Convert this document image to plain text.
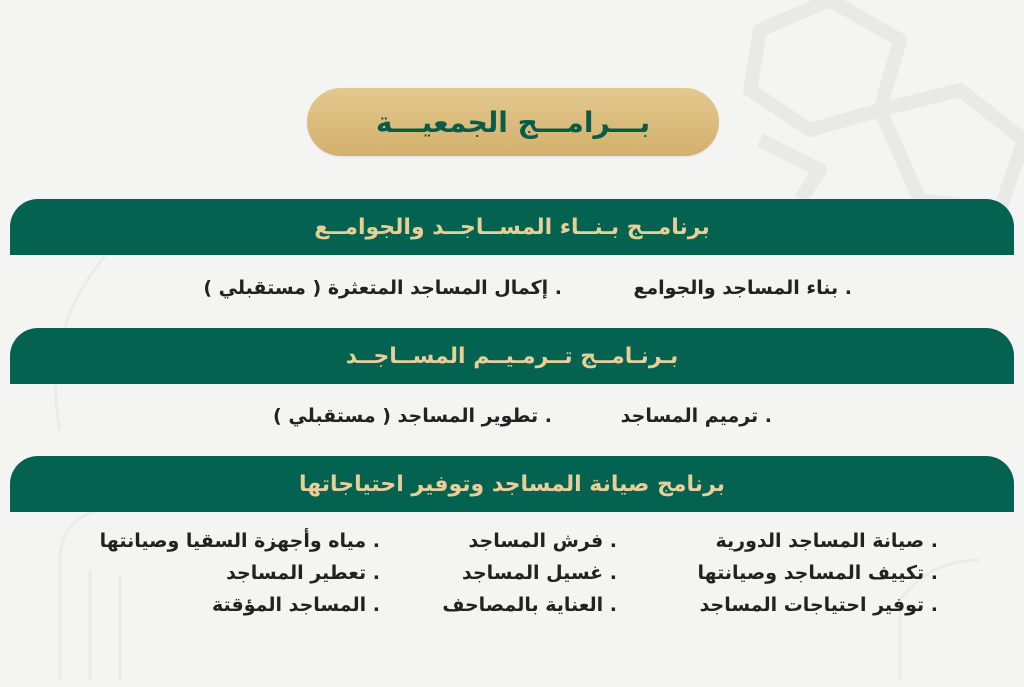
بـــرامـــج الجمعيـــة
برنامــج بـنــاء المســاجــد والجوامــع
. بناء المساجد والجوامع
. إكمال المساجد المتعثرة ( مستقبلي )
بـرنـامــج تــرمـيــم المســاجــد
. ترميم المساجد
. تطوير المساجد ( مستقبلي )
برنامج صيانة المساجد وتوفير احتياجاتها
. صيانة المساجد الدورية
. تكييف المساجد وصيانتها
. توفير احتياجات المساجد
. فرش المساجد
. غسيل المساجد
. العناية بالمصاحف
. مياه وأجهزة السقيا وصيانتها
. تعطير المساجد
. المساجد المؤقتة
